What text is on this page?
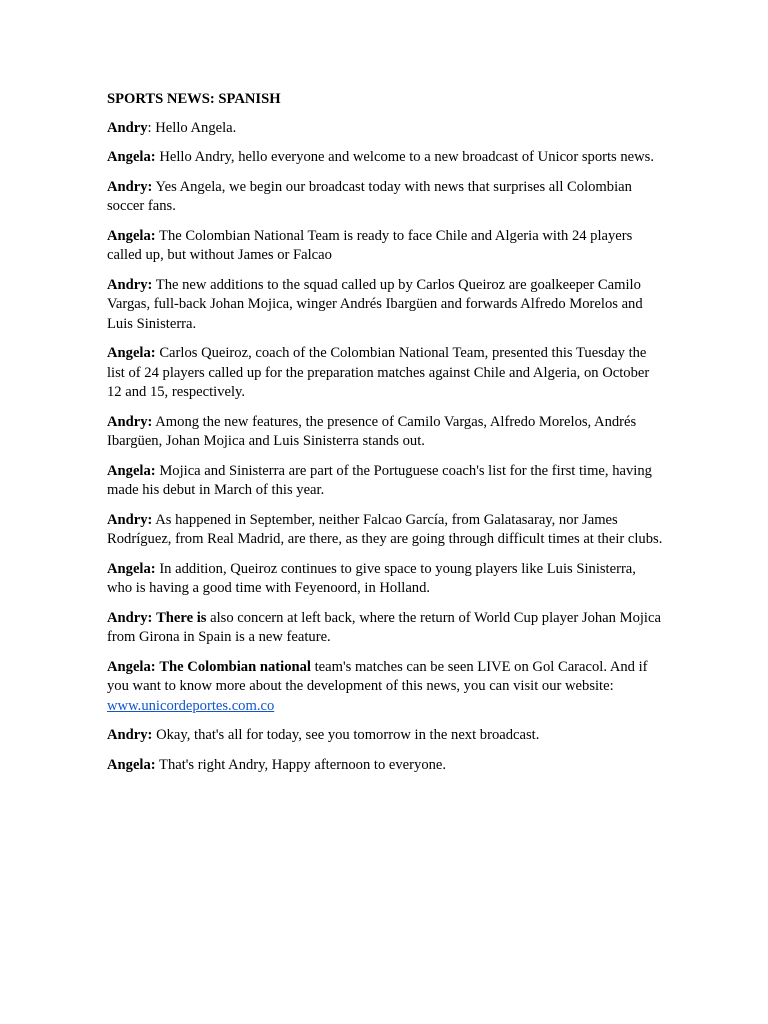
SPORTS NEWS: SPANISH

Andry: Hello Angela.

Angela: Hello Andry, hello everyone and welcome to a new broadcast of Unicor sports news.

Andry: Yes Angela, we begin our broadcast today with news that surprises all Colombian soccer fans.

Angela: The Colombian National Team is ready to face Chile and Algeria with 24 players called up, but without James or Falcao

Andry: The new additions to the squad called up by Carlos Queiroz are goalkeeper Camilo Vargas, full-back Johan Mojica, winger Andrés Ibargüen and forwards Alfredo Morelos and Luis Sinisterra.

Angela: Carlos Queiroz, coach of the Colombian National Team, presented this Tuesday the list of 24 players called up for the preparation matches against Chile and Algeria, on October 12 and 15, respectively.

Andry: Among the new features, the presence of Camilo Vargas, Alfredo Morelos, Andrés Ibargüen, Johan Mojica and Luis Sinisterra stands out.

Angela: Mojica and Sinisterra are part of the Portuguese coach's list for the first time, having made his debut in March of this year.

Andry: As happened in September, neither Falcao García, from Galatasaray, nor James Rodríguez, from Real Madrid, are there, as they are going through difficult times at their clubs.

Angela: In addition, Queiroz continues to give space to young players like Luis Sinisterra, who is having a good time with Feyenoord, in Holland.

Andry: There is also concern at left back, where the return of World Cup player Johan Mojica from Girona in Spain is a new feature.

Angela: The Colombian national team's matches can be seen LIVE on Gol Caracol. And if you want to know more about the development of this news, you can visit our website:
www.unicordeportes.com.co

Andry: Okay, that's all for today, see you tomorrow in the next broadcast.

Angela: That's right Andry, Happy afternoon to everyone.
